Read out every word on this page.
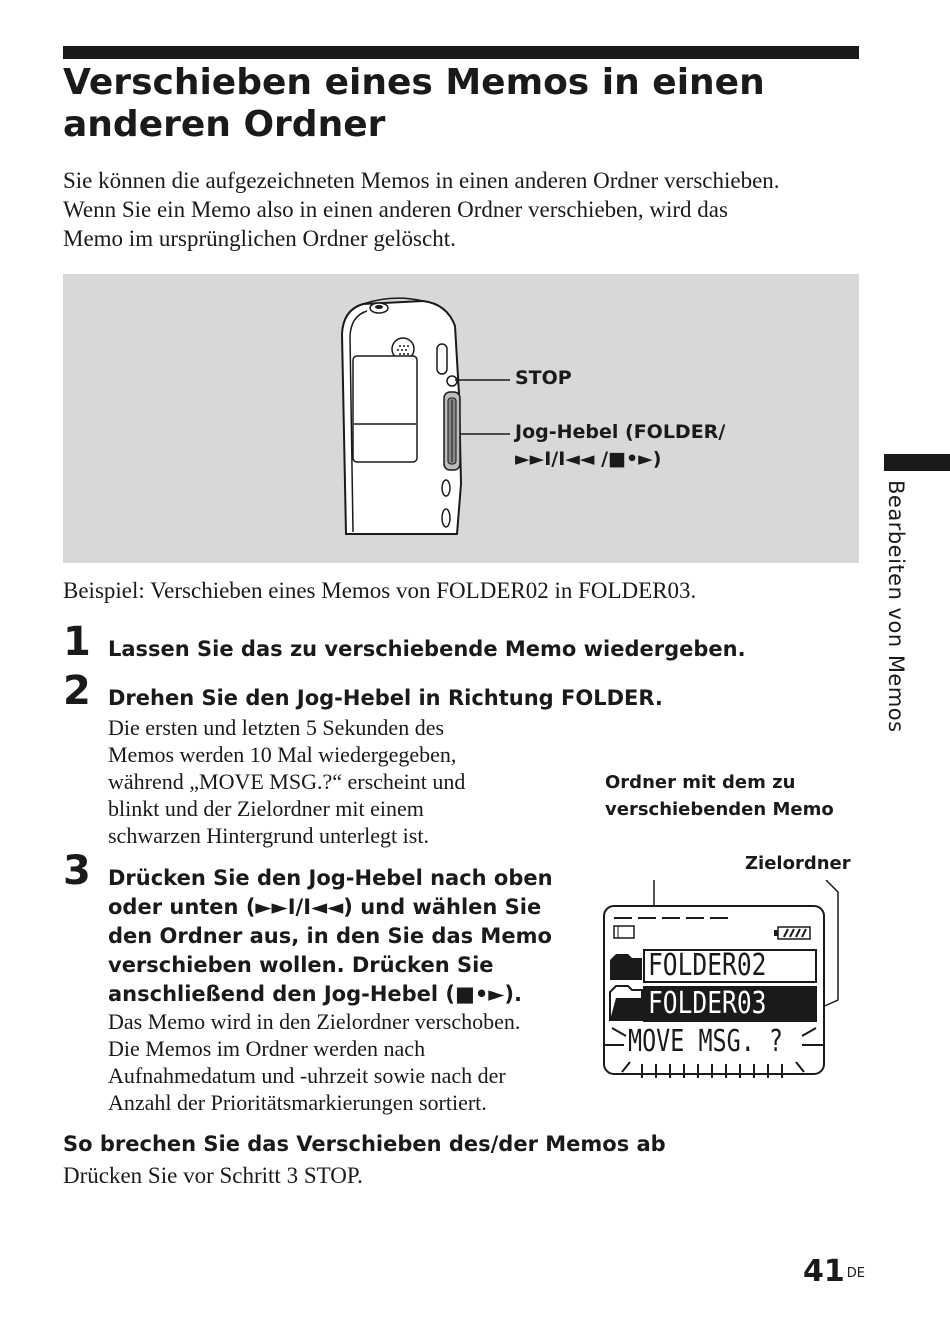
Verschieben eines Memos in einen
anderen Ordner

Sie können die aufgezeichneten Memos in einen anderen Ordner verschieben.
Wenn Sie ein Memo also in einen anderen Ordner verschieben, wird das
Memo im ursprünglichen Ordner gelöscht.

STOP
Jog-Hebel (FOLDER/
►►I/I◄◄ /■•►)

Beispiel: Verschieben eines Memos von FOLDER02 in FOLDER03.

1 Lassen Sie das zu verschiebende Memo wiedergeben.

2 Drehen Sie den Jog-Hebel in Richtung FOLDER.

Die ersten und letzten 5 Sekunden des
Memos werden 10 Mal wiedergegeben,
während „MOVE MSG.?“ erscheint und
blinkt und der Zielordner mit einem
schwarzen Hintergrund unterlegt ist.

3 Drücken Sie den Jog-Hebel nach oben
oder unten (►►I/I◄◄) und wählen Sie
den Ordner aus, in den Sie das Memo
verschieben wollen. Drücken Sie
anschließend den Jog-Hebel (■•►).

Das Memo wird in den Zielordner verschoben.
Die Memos im Ordner werden nach
Aufnahmedatum und -uhrzeit sowie nach der
Anzahl der Prioritätsmarkierungen sortiert.

Ordner mit dem zu
verschiebenden Memo

Zielordner

FOLDER02
FOLDER03
MOVE MSG. ?

So brechen Sie das Verschieben des/der Memos ab

Drücken Sie vor Schritt 3 STOP.

Bearbeiten von Memos
41 $^{DE}$
